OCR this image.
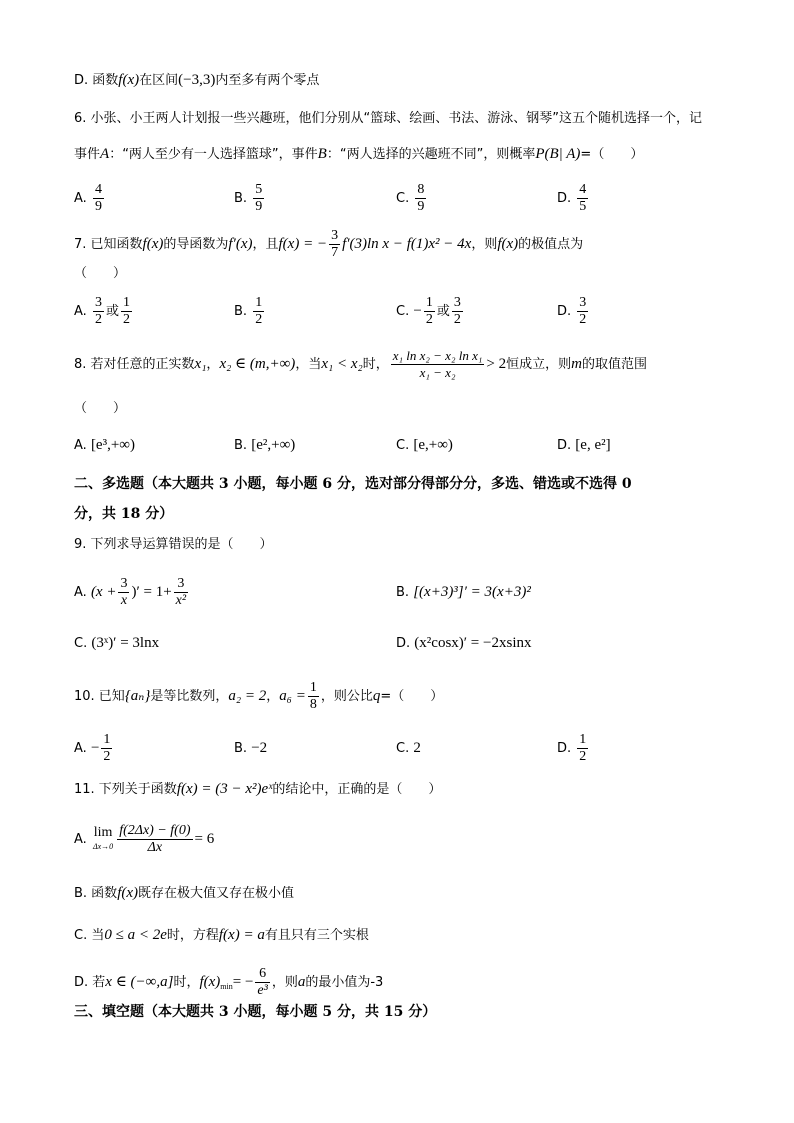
D. 函数f(x)在区间(−3,3)内至多有两个零点
6. 小张、小王两人计划报一些兴趣班，他们分别从“篮球、绘画、书法、游泳、钢琴”这五个随机选择一个，记
事件A：“两人至少有一人选择篮球”，事件B：“两人选择的兴趣班不同”，则概率P(B| A)=（　　）
A. $\frac{4}{9}$	B. $\frac{5}{9}$	C. $\frac{8}{9}$	D. $\frac{4}{5}$
7. 已知函数f(x)的导函数为f′(x)，且f(x) = − $\frac{3}{7} f'(3)\ln$ x − f(1)x² − 4x，则f(x)的极值点为
（　　）
A. $\frac{3}{2}$ 或 $\frac{1}{2}$	B. $\frac{1}{2}$	C. − $\frac{1}{2}$ 或 $\frac{3}{2}$	D. $\frac{3}{2}$
8. 若对任意的正实数x₁，x₂ ∈ (m,+∞)，当x₁ < x₂时， $\frac{\text{x₁ ln x₂ − x₂ ln x₁}}{\text{x₁ − x₂}} > 2$恒成立，则m的取值范围
（　　）
A. [e³,+∞)	B. [e²,+∞)	C. [e,+∞)	D. [e, e²]
二、多选题（本大题共 3 小题，每小题 6 分，选对部分得部分分，多选、错选或不选得 0
分，共 18 分）
9. 下列求导运算错误的是（　　）
A. ($x + \frac{3}{x}$ )′ = $1+ \frac{3}{\text{x²}}$	B. [(x+3)³]′ = 3(x+3)²
C. (3ˣ)′ = 3lnx	D. (x²cosx)′ = −2xsinx
10. 已知{aₙ}是等比数列，a₂ = 2，$a_6 = \frac{1}{8}$ ，则公比q=（　　）
A. − $\frac{1}{2}$	B. −2	C. 2	D. $\frac{1}{2}$
11. 下列关于函数f(x) = (3 − x²)eˣ的结论中，正确的是（　　）
A. lim
$\Delta x\to 0 \frac{f(2\Delta x) - f(0)}{\Delta x} = 6$
B. 函数f(x)既存在极大值又存在极小值
C. 当0 ≤ a < 2e时，方程f(x) = a有且只有三个实根
D. 若x ∈ (−∞,a]时，$f(x)_{min}= - \frac{6}{\text{e³}}$ ，则a的最小值为-3
三、填空题（本大题共 3 小题，每小题 5 分，共 15 分）
